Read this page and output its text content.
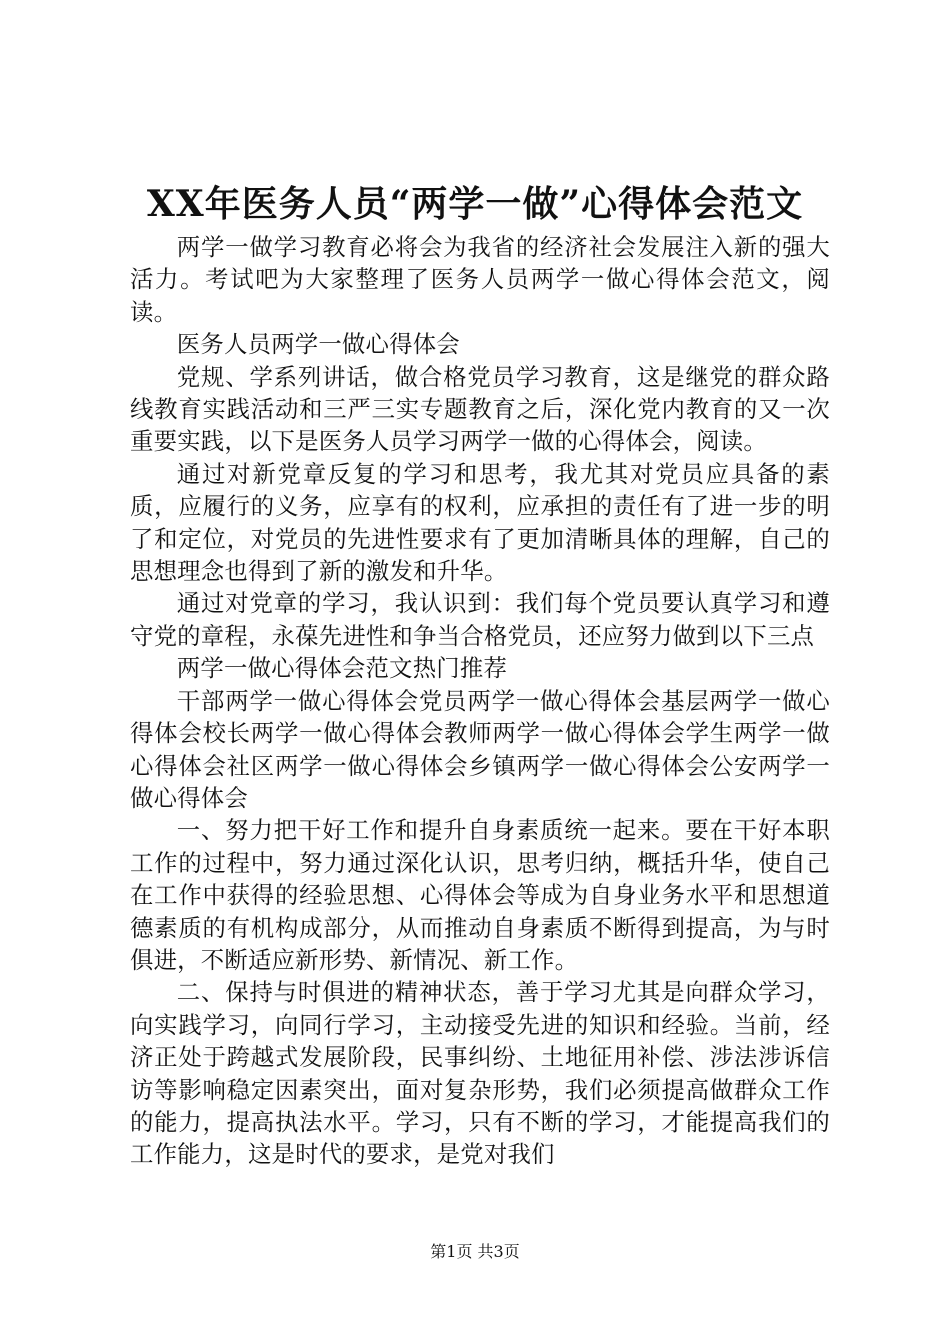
XX年医务人员“两学一做”心得体会范文

两学一做学习教育必将会为我省的经济社会发展注入新的强大活力。考试吧为大家整理了医务人员两学一做心得体会范文，阅读。

医务人员两学一做心得体会

党规、学系列讲话，做合格党员学习教育，这是继党的群众路线教育实践活动和三严三实专题教育之后，深化党内教育的又一次重要实践，以下是医务人员学习两学一做的心得体会，阅读。

通过对新党章反复的学习和思考，我尤其对党员应具备的素质，应履行的义务，应享有的权利，应承担的责任有了进一步的明了和定位，对党员的先进性要求有了更加清晰具体的理解，自己的思想理念也得到了新的激发和升华。

通过对党章的学习，我认识到：我们每个党员要认真学习和遵守党的章程，永葆先进性和争当合格党员，还应努力做到以下三点

两学一做心得体会范文热门推荐

干部两学一做心得体会党员两学一做心得体会基层两学一做心得体会校长两学一做心得体会教师两学一做心得体会学生两学一做心得体会社区两学一做心得体会乡镇两学一做心得体会公安两学一做心得体会

一、努力把干好工作和提升自身素质统一起来。要在干好本职工作的过程中，努力通过深化认识，思考归纳，概括升华，使自己在工作中获得的经验思想、心得体会等成为自身业务水平和思想道德素质的有机构成部分，从而推动自身素质不断得到提高，为与时俱进，不断适应新形势、新情况、新工作。

二、保持与时俱进的精神状态，善于学习尤其是向群众学习，向实践学习，向同行学习，主动接受先进的知识和经验。当前，经济正处于跨越式发展阶段，民事纠纷、土地征用补偿、涉法涉诉信访等影响稳定因素突出，面对复杂形势，我们必须提高做群众工作的能力，提高执法水平。学习，只有不断的学习，才能提高我们的工作能力，这是时代的要求，是党对我们

第1页 共3页
